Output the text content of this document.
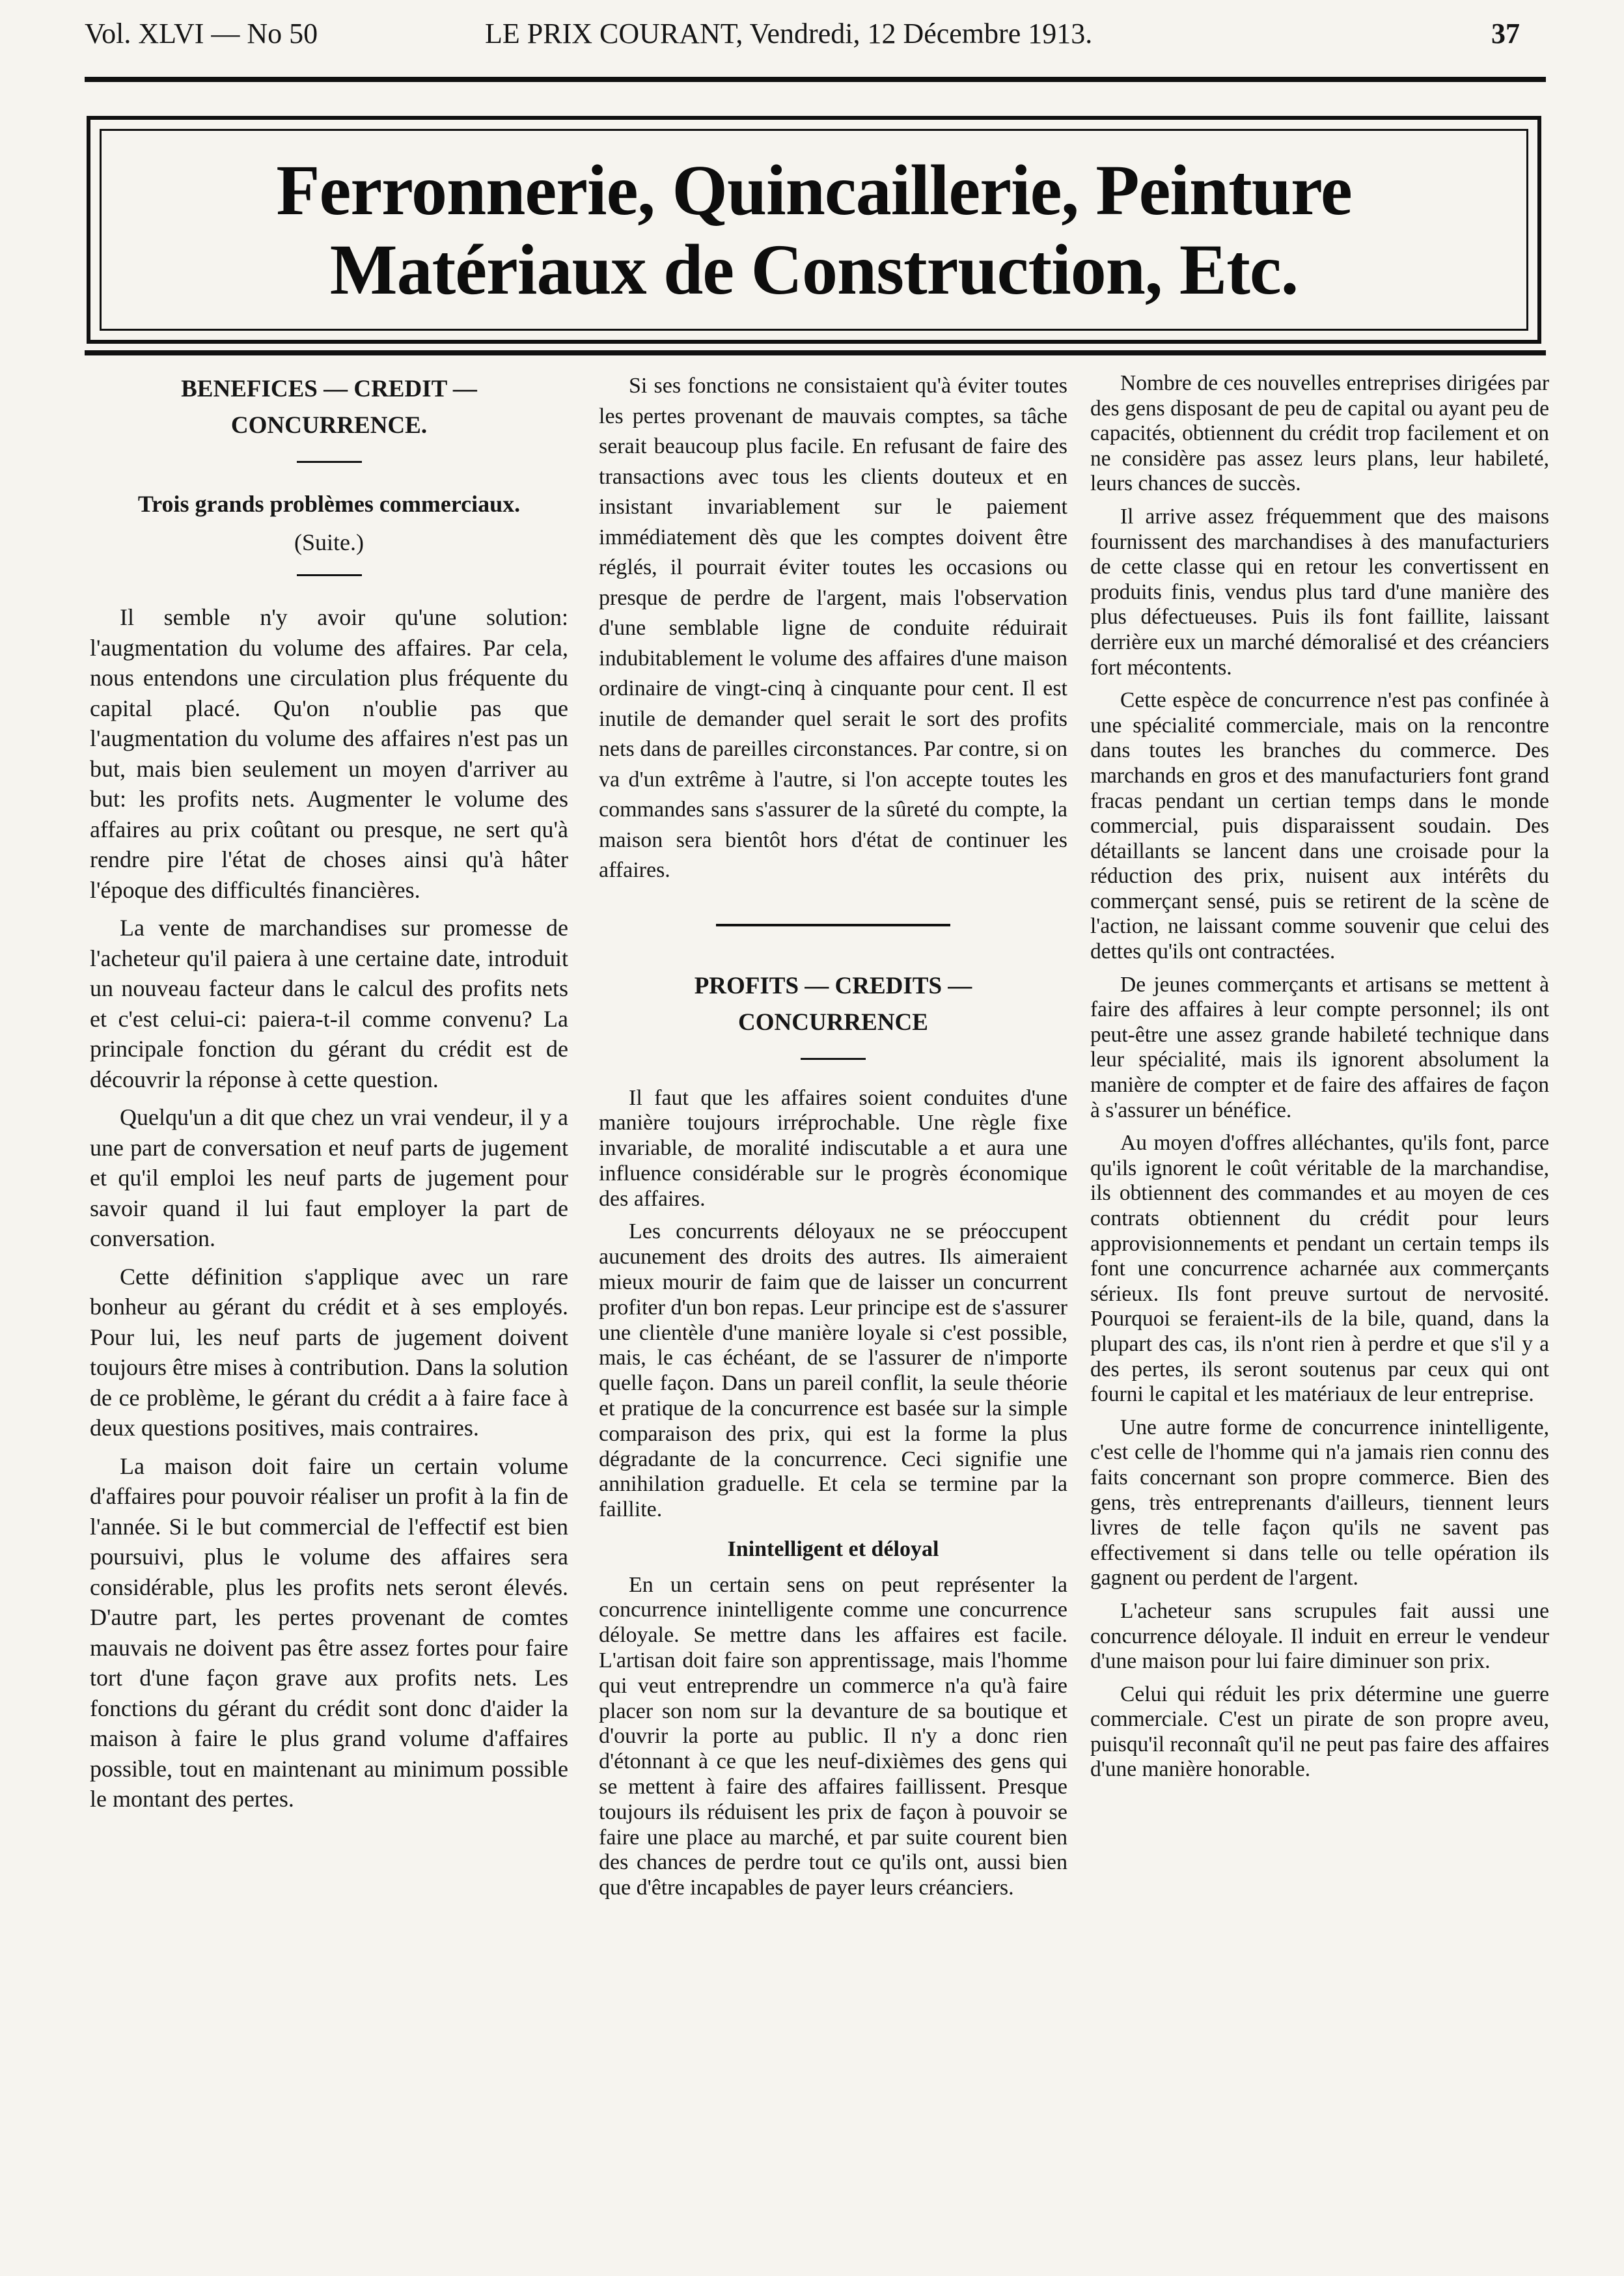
Vol. XLVI — No 50	LE PRIX COURANT, Vendredi, 12 Décembre 1913.	37
Ferronnerie, Quincaillerie, Peinture
Matériaux de Construction, Etc.
BENEFICES — CREDIT — CONCURRENCE.
Trois grands problèmes commerciaux.
(Suite.)

Il semble n'y avoir qu'une solution: l'augmentation du volume des affaires. Par cela, nous entendons une circulation plus fréquente du capital placé. Qu'on n'oublie pas que l'augmentation du volume des affaires n'est pas un but, mais bien seulement un moyen d'arriver au but: les profits nets. Augmenter le volume des affaires au prix coûtant ou presque, ne sert qu'à rendre pire l'état de choses ainsi qu'à hâter l'époque des difficultés financières.

La vente de marchandises sur promesse de l'acheteur qu'il paiera à une certaine date, introduit un nouveau facteur dans le calcul des profits nets et c'est celui-ci: paiera-t-il comme convenu? La principale fonction du gérant du crédit est de découvrir la réponse à cette question.

Quelqu'un a dit que chez un vrai vendeur, il y a une part de conversation et neuf parts de jugement et qu'il emploi les neuf parts de jugement pour savoir quand il lui faut employer la part de conversation.

Cette définition s'applique avec un rare bonheur au gérant du crédit et à ses employés. Pour lui, les neuf parts de jugement doivent toujours être mises à contribution. Dans la solution de ce problème, le gérant du crédit a à faire face à deux questions positives, mais contraires.

La maison doit faire un certain volume d'affaires pour pouvoir réaliser un profit à la fin de l'année. Si le but commercial de l'effectif est bien poursuivi, plus le volume des affaires sera considérable, plus les profits nets seront élevés. D'autre part, les pertes provenant de comtes mauvais ne doivent pas être assez fortes pour faire tort d'une façon grave aux profits nets. Les fonctions du gérant du crédit sont donc d'aider la maison à faire le plus grand volume d'affaires possible, tout en maintenant au minimum possible le montant des pertes.

Si ses fonctions ne consistaient qu'à éviter toutes les pertes provenant de mauvais comptes, sa tâche serait beaucoup plus facile. En refusant de faire des transactions avec tous les clients douteux et en insistant invariablement sur le paiement immédiatement dès que les comptes doivent être réglés, il pourrait éviter toutes les occasions ou presque de perdre de l'argent, mais l'observation d'une semblable ligne de conduite réduirait indubitablement le volume des affaires d'une maison ordinaire de vingt-cinq à cinquante pour cent. Il est inutile de demander quel serait le sort des profits nets dans de pareilles circonstances. Par contre, si on va d'un extrême à l'autre, si l'on accepte toutes les commandes sans s'assurer de la sûreté du compte, la maison sera bientôt hors d'état de continuer les affaires.

PROFITS — CREDITS — CONCURRENCE

Il faut que les affaires soient conduites d'une manière toujours irréprochable. Une règle fixe invariable, de moralité indiscutable a et aura une influence considérable sur le progrès économique des affaires.

Les concurrents déloyaux ne se préoccupent aucunement des droits des autres. Ils aimeraient mieux mourir de faim que de laisser un concurrent profiter d'un bon repas. Leur principe est de s'assurer une clientèle d'une manière loyale si c'est possible, mais, le cas échéant, de se l'assurer de n'importe quelle façon. Dans un pareil conflit, la seule théorie et pratique de la concurrence est basée sur la simple comparaison des prix, qui est la forme la plus dégradante de la concurrence. Ceci signifie une annihilation graduelle. Et cela se termine par la faillite.

Inintelligent et déloyal

En un certain sens on peut représenter la concurrence inintelligente comme une concurrence déloyale. Se mettre dans les affaires est facile. L'artisan doit faire son apprentissage, mais l'homme qui veut entreprendre un commerce n'a qu'à faire placer son nom sur la devanture de sa boutique et d'ouvrir la porte au public. Il n'y a donc rien d'étonnant à ce que les neuf-dixièmes des gens qui se mettent à faire des affaires faillissent. Presque toujours ils réduisent les prix de façon à pouvoir se faire une place au marché, et par suite courent bien des chances de perdre tout ce qu'ils ont, aussi bien que d'être incapables de payer leurs créanciers.

Nombre de ces nouvelles entreprises dirigées par des gens disposant de peu de capital ou ayant peu de capacités, obtiennent du crédit trop facilement et on ne considère pas assez leurs plans, leur habileté, leurs chances de succès.

Il arrive assez fréquemment que des maisons fournissent des marchandises à des manufacturiers de cette classe qui en retour les convertissent en produits finis, vendus plus tard d'une manière des plus défectueuses. Puis ils font faillite, laissant derrière eux un marché démoralisé et des créanciers fort mécontents.

Cette espèce de concurrence n'est pas confinée à une spécialité commerciale, mais on la rencontre dans toutes les branches du commerce. Des marchands en gros et des manufacturiers font grand fracas pendant un certian temps dans le monde commercial, puis disparaissent soudain. Des détaillants se lancent dans une croisade pour la réduction des prix, nuisent aux intérêts du commerçant sensé, puis se retirent de la scène de l'action, ne laissant comme souvenir que celui des dettes qu'ils ont contractées.

De jeunes commerçants et artisans se mettent à faire des affaires à leur compte personnel; ils ont peut-être une assez grande habileté technique dans leur spécialité, mais ils ignorent absolument la manière de compter et de faire des affaires de façon à s'assurer un bénéfice.

Au moyen d'offres alléchantes, qu'ils font, parce qu'ils ignorent le coût véritable de la marchandise, ils obtiennent des commandes et au moyen de ces contrats obtiennent du crédit pour leurs approvisionnements et pendant un certain temps ils font une concurrence acharnée aux commerçants sérieux. Ils font preuve surtout de nervosité. Pourquoi se feraient-ils de la bile, quand, dans la plupart des cas, ils n'ont rien à perdre et que s'il y a des pertes, ils seront soutenus par ceux qui ont fourni le capital et les matériaux de leur entreprise.

Une autre forme de concurrence inintelligente, c'est celle de l'homme qui n'a jamais rien connu des faits concernant son propre commerce. Bien des gens, très entreprenants d'ailleurs, tiennent leurs livres de telle façon qu'ils ne savent pas effectivement si dans telle ou telle opération ils gagnent ou perdent de l'argent.

L'acheteur sans scrupules fait aussi une concurrence déloyale. Il induit en erreur le vendeur d'une maison pour lui faire diminuer son prix.

Celui qui réduit les prix détermine une guerre commerciale. C'est un pirate de son propre aveu, puisqu'il reconnaît qu'il ne peut pas faire des affaires d'une manière honorable.
